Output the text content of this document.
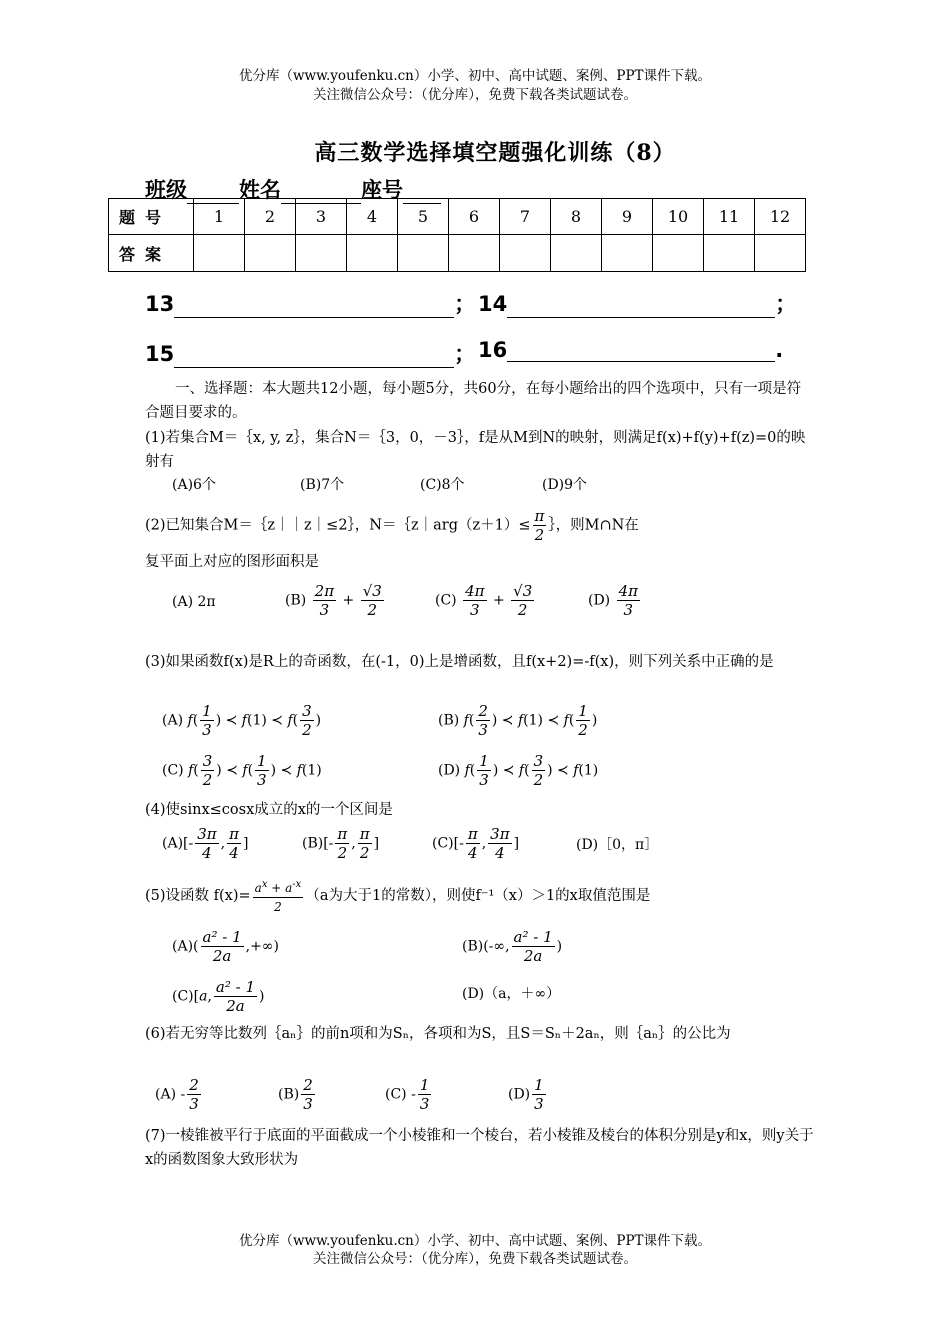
优分库（www.youfenku.cn）小学、初中、高中试题、案例、PPT课件下载。
关注微信公众号：（优分库），免费下载各类试题试卷。
高三数学选择填空题强化训练（8）
班级 姓名	座号
题号	1	2	3	4	5	6	7	8	9	10	11	12
答案												
13	； 14	；
15	； 16	.
一、选择题：本大题共12小题，每小题5分，共60分，在每小题给出的四个选项中，只有一项是符合题目要求的。
(1)若集合M＝｛x, y, z｝，集合N＝｛3，0，－3｝，f是从M到N的映射，则满足f(x)+f(y)+f(z)=0的映射有
(A)6个	(B)7个	(C)8个	(D)9个
(2)已知集合M＝｛z｜｜z｜≤2｝，N＝｛z｜arg（z＋1）≤ $\frac{\pi}{2}$ ｝，则M∩N在
复平面上对应的图形面积是
(A) 2π	$(B) \frac{2\pi}{3} + \frac{√3}{2}$	$(C) \frac{4\pi}{3} + \frac{√3}{2}$	$(D) \frac{4\pi}{3}$
(3)如果函数f(x)是R上的奇函数，在(-1，0)上是增函数，且f(x+2)=-f(x)，则下列关系中正确的是
(A) $f( \frac{1}{3}$ ) ≺ f(1) ≺ $f( \frac{3}{2}$ )	(B) $f( \frac{2}{3}$ ) ≺ f(1) ≺ $f( \frac{1}{2}$ )
(C) $f( \frac{3}{2}$ ) ≺ $f( \frac{1}{3}$ ) ≺ f(1)	(D) $f( \frac{1}{3}$ ) ≺ $f( \frac{3}{2}$ ) ≺ f(1)
(4)使sinx≤cosx成立的x的一个区间是
$(A)[- \frac{3\pi}{4}$ , $\frac{\pi}{4}$ ]	$(B)[- \frac{\pi}{2}$ , $\frac{\pi}{2}$ ]	$(C)[- \frac{\pi}{4}$ , $\frac{3\pi}{4}$ ]	(D)［0，π］
(5)设函数 $f(x)= \frac{a^x + a^{-x}}{2} (a$为大于1的常数），则使f⁻¹（x）＞1的x取值范围是
$(A)( \frac{\text{a² - 1}}{2a}$ ,+∞)	(B)(-∞, $\frac{\text{a² - 1}}{2a}$ )
(C)[a, $\frac{\text{a² - 1}}{2a}$ )	(D)（a，＋∞）
(6)若无穷等比数列｛aₙ｝的前n项和为Sₙ，各项和为S，且S＝Sₙ＋2aₙ，则｛aₙ｝的公比为
$(A) - \frac{2}{3}$	$(B) \frac{2}{3}$	$(C) - \frac{1}{3}$	$(D) \frac{1}{3}$
(7)一棱锥被平行于底面的平面截成一个小棱锥和一个棱台，若小棱锥及棱台的体积分别是y和x，则y关于x的函数图象大致形状为
优分库（www.youfenku.cn）小学、初中、高中试题、案例、PPT课件下载。
关注微信公众号：（优分库），免费下载各类试题试卷。
